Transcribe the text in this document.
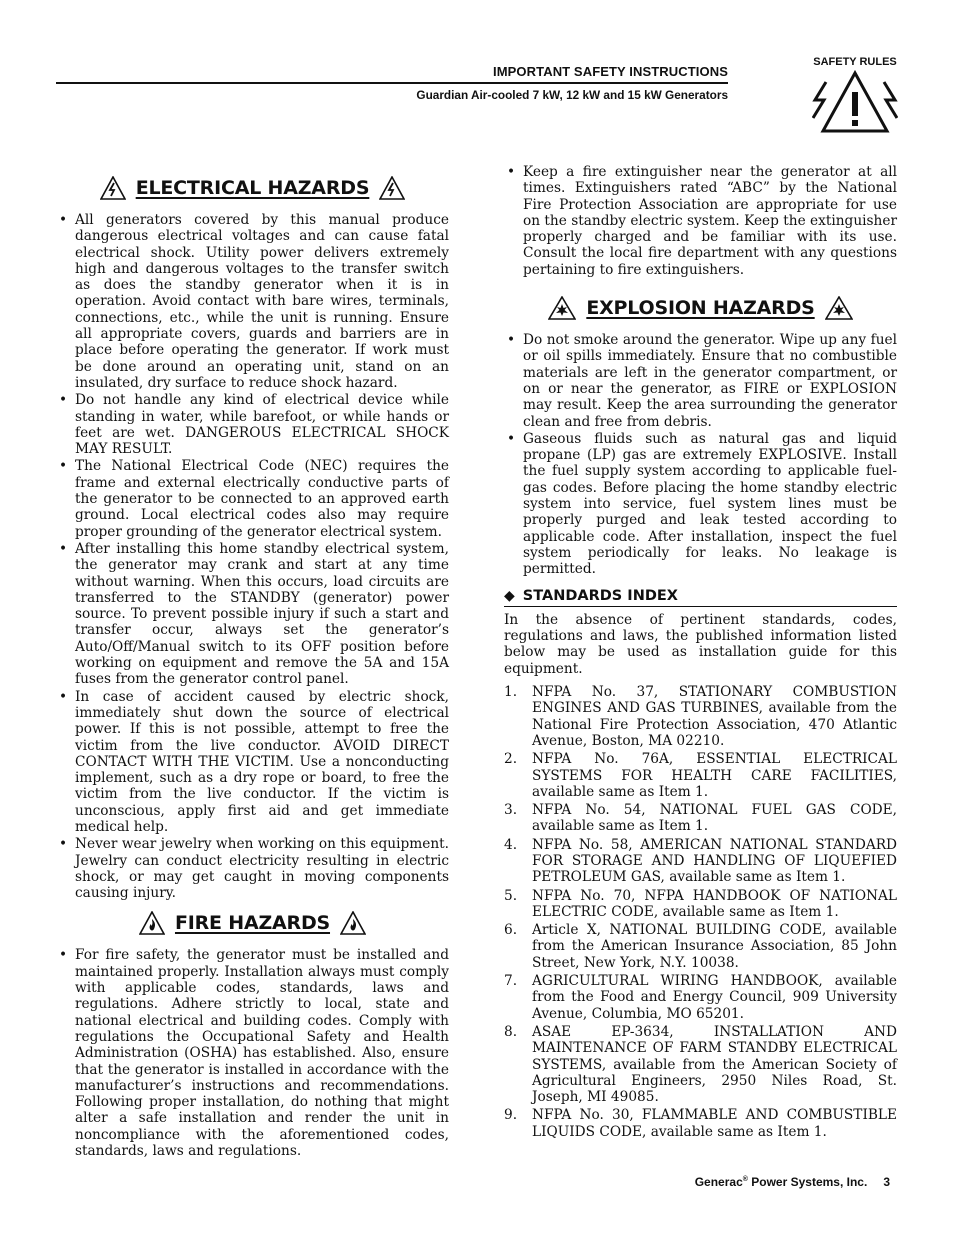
IMPORTANT SAFETY INSTRUCTIONS
Guardian Air-cooled 7 kW, 12 kW and 15 kW Generators
SAFETY RULES
ELECTRICAL HAZARDS
• All generators covered by this manual produce dangerous electrical voltages and can cause fatal electrical shock. Utility power delivers extremely high and dangerous voltages to the transfer switch as does the standby generator when it is in operation. Avoid contact with bare wires, terminals, connections, etc., while the unit is running. Ensure all appropriate covers, guards and barriers are in place before operating the generator. If work must be done around an operating unit, stand on an insulated, dry surface to reduce shock hazard.
• Do not handle any kind of electrical device while standing in water, while barefoot, or while hands or feet are wet. DANGEROUS ELECTRICAL SHOCK MAY RESULT.
• The National Electrical Code (NEC) requires the frame and external electrically conductive parts of the generator to be connected to an approved earth ground. Local electrical codes also may require proper grounding of the generator electrical system.
• After installing this home standby electrical system, the generator may crank and start at any time without warning. When this occurs, load circuits are transferred to the STANDBY (generator) power source. To prevent possible injury if such a start and transfer occur, always set the generator’s Auto/Off/Manual switch to its OFF position before working on equipment and remove the 5A and 15A fuses from the generator control panel.
• In case of accident caused by electric shock, immediately shut down the source of electrical power. If this is not possible, attempt to free the victim from the live conductor. AVOID DIRECT CONTACT WITH THE VICTIM. Use a nonconducting implement, such as a dry rope or board, to free the victim from the live conductor. If the victim is unconscious, apply first aid and get immediate medical help.
• Never wear jewelry when working on this equipment. Jewelry can conduct electricity resulting in electric shock, or may get caught in moving components causing injury.
FIRE HAZARDS
• For fire safety, the generator must be installed and maintained properly. Installation always must comply with applicable codes, standards, laws and regulations. Adhere strictly to local, state and national electrical and building codes. Comply with regulations the Occupational Safety and Health Administration (OSHA) has established. Also, ensure that the generator is installed in accordance with the manufacturer’s instructions and recommendations. Following proper installation, do nothing that might alter a safe installation and render the unit in noncompliance with the aforementioned codes, standards, laws and regulations.
• Keep a fire extinguisher near the generator at all times. Extinguishers rated “ABC” by the National Fire Protection Association are appropriate for use on the standby electric system. Keep the extinguisher properly charged and be familiar with its use. Consult the local fire department with any questions pertaining to fire extinguishers.
EXPLOSION HAZARDS
• Do not smoke around the generator. Wipe up any fuel or oil spills immediately. Ensure that no combustible materials are left in the generator compartment, or on or near the generator, as FIRE or EXPLOSION may result. Keep the area surrounding the generator clean and free from debris.
• Gaseous fluids such as natural gas and liquid propane (LP) gas are extremely EXPLOSIVE. Install the fuel supply system according to applicable fuel-gas codes. Before placing the home standby electric system into service, fuel system lines must be properly purged and leak tested according to applicable code. After installation, inspect the fuel system periodically for leaks. No leakage is permitted.
◆ STANDARDS INDEX
In the absence of pertinent standards, codes, regulations and laws, the published information listed below may be used as installation guide for this equipment.
1. NFPA No. 37, STATIONARY COMBUSTION ENGINES AND GAS TURBINES, available from the National Fire Protection Association, 470 Atlantic Avenue, Boston, MA 02210.
2. NFPA No. 76A, ESSENTIAL ELECTRICAL SYSTEMS FOR HEALTH CARE FACILITIES, available same as Item 1.
3. NFPA No. 54, NATIONAL FUEL GAS CODE, available same as Item 1.
4. NFPA No. 58, AMERICAN NATIONAL STANDARD FOR STORAGE AND HANDLING OF LIQUEFIED PETROLEUM GAS, available same as Item 1.
5. NFPA No. 70, NFPA HANDBOOK OF NATIONAL ELECTRIC CODE, available same as Item 1.
6. Article X, NATIONAL BUILDING CODE, available from the American Insurance Association, 85 John Street, New York, N.Y. 10038.
7. AGRICULTURAL WIRING HANDBOOK, available from the Food and Energy Council, 909 University Avenue, Columbia, MO 65201.
8. ASAE EP-3634, INSTALLATION AND MAINTENANCE OF FARM STANDBY ELECTRICAL SYSTEMS, available from the American Society of Agricultural Engineers, 2950 Niles Road, St. Joseph, MI 49085.
9. NFPA No. 30, FLAMMABLE AND COMBUSTIBLE LIQUIDS CODE, available same as Item 1.
Generac® Power Systems, Inc. 3
